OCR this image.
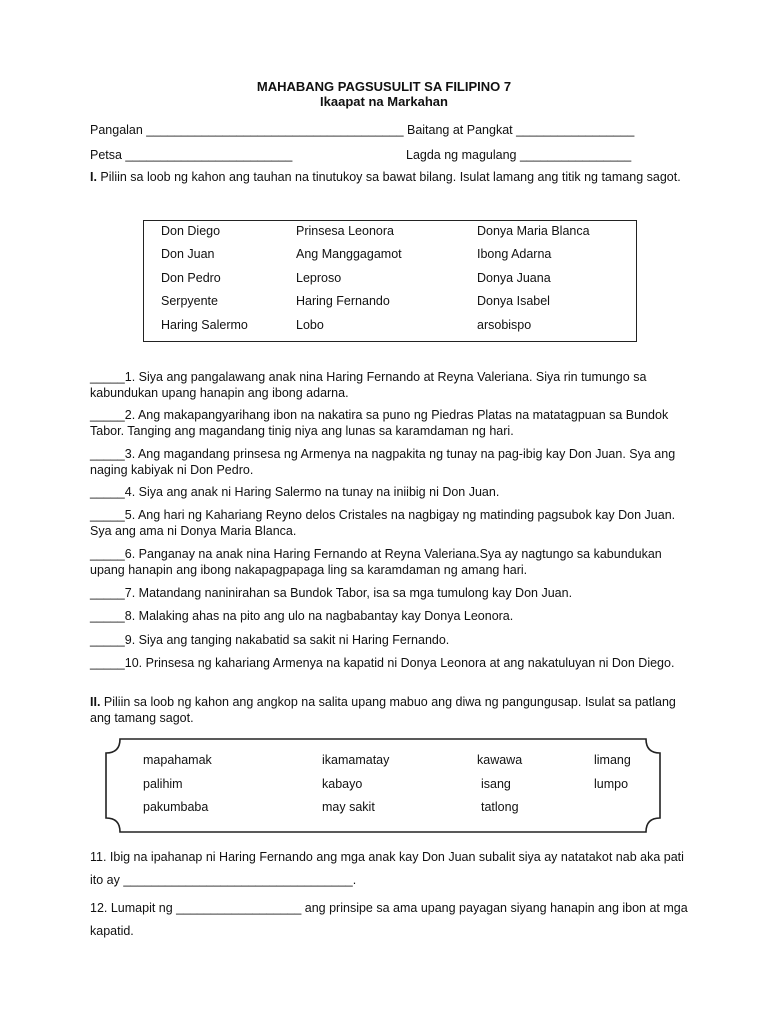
MAHABANG PAGSUSULIT SA FILIPINO 7
Ikaapat na Markahan
Pangalan _____________________________________ Baitang at Pangkat _________________
Petsa ________________________	Lagda ng magulang ________________
I. Piliin sa loob ng kahon ang tauhan na tinutukoy sa bawat bilang. Isulat lamang ang titik ng tamang sagot.
Don Diego	Prinsesa Leonora	Donya Maria Blanca
Don Juan	Ang Manggagamot	Ibong Adarna
Don Pedro	Leproso	Donya Juana
Serpyente	Haring Fernando	Donya Isabel
Haring Salermo	Lobo	arsobispo
_____1. Siya ang pangalawang anak nina Haring Fernando at Reyna Valeriana. Siya rin tumungo sa kabundukan upang hanapin ang ibong adarna.
_____2. Ang makapangyarihang ibon na nakatira sa puno ng Piedras Platas na matatagpuan sa Bundok Tabor. Tanging ang magandang tinig niya ang lunas sa karamdaman ng hari.
_____3. Ang magandang prinsesa ng Armenya na nagpakita ng tunay na pag-ibig kay Don Juan. Sya ang naging kabiyak ni Don Pedro.
_____4. Siya ang anak ni Haring Salermo na tunay na iniibig ni Don Juan.
_____5. Ang hari ng Kahariang Reyno delos Cristales na nagbigay ng matinding pagsubok kay Don Juan. Sya ang ama ni Donya Maria Blanca.
_____6. Panganay na anak nina Haring Fernando at Reyna Valeriana.Sya ay nagtungo sa kabundukan upang hanapin ang ibong nakapagpapaga ling sa karamdaman ng amang hari.
_____7. Matandang naninirahan sa Bundok Tabor, isa sa mga tumulong kay Don Juan.
_____8. Malaking ahas na pito ang ulo na nagbabantay kay Donya Leonora.
_____9. Siya ang tanging nakabatid sa sakit ni Haring Fernando.
_____10. Prinsesa ng kahariang Armenya na kapatid ni Donya Leonora at ang nakatuluyan ni Don Diego.
II. Piliin sa loob ng kahon ang angkop na salita upang mabuo ang diwa ng pangungusap. Isulat sa patlang ang tamang sagot.
mapahamak	ikamamatay	kawawa	limang
palihim	kabayo	isang	lumpo
pakumbaba	may sakit	tatlong
11. Ibig na ipahanap ni Haring Fernando ang mga anak kay Don Juan subalit siya ay natatakot nab aka pati ito ay _________________________________.
12. Lumapit ng __________________ ang prinsipe sa ama upang payagan siyang hanapin ang ibon at mga kapatid.
